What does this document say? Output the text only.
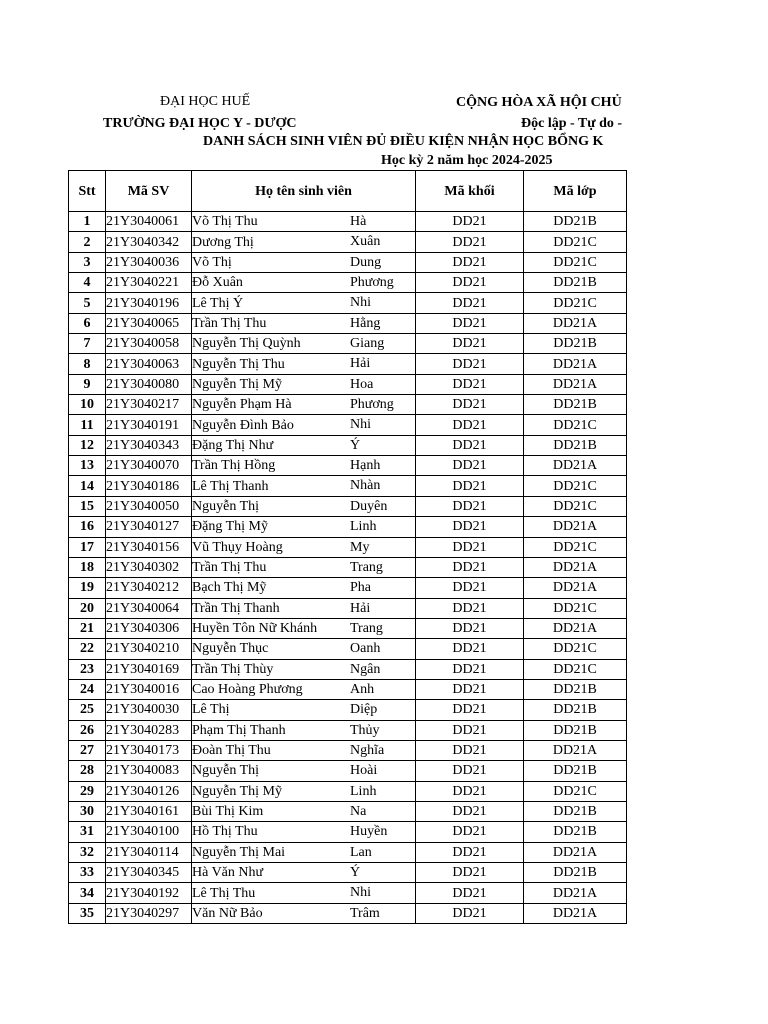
ĐẠI HỌC HUẾ
TRƯỜNG ĐẠI HỌC Y - DƯỢC
CỘNG HÒA XÃ HỘI CHỦ
Độc lập - Tự do -
DANH SÁCH SINH VIÊN ĐỦ ĐIỀU KIỆN NHẬN HỌC BỔNG K
Học kỳ 2 năm học 2024-2025
Stt	Mã SV	Họ tên sinh viên	Mã khối	Mã lớp
1	21Y3040061	Võ Thị Thu Hà	DD21	DD21B
2	21Y3040342	Dương Thị Xuân	DD21	DD21C
3	21Y3040036	Võ Thị Dung	DD21	DD21C
4	21Y3040221	Đỗ Xuân Phương	DD21	DD21B
5	21Y3040196	Lê Thị Ý Nhi	DD21	DD21C
6	21Y3040065	Trần Thị Thu Hằng	DD21	DD21A
7	21Y3040058	Nguyễn Thị Quỳnh Giang	DD21	DD21B
8	21Y3040063	Nguyễn Thị Thu Hải	DD21	DD21A
9	21Y3040080	Nguyễn Thị Mỹ Hoa	DD21	DD21A
10	21Y3040217	Nguyễn Phạm Hà Phương	DD21	DD21B
11	21Y3040191	Nguyễn Đình Bảo Nhi	DD21	DD21C
12	21Y3040343	Đặng Thị Như Ý	DD21	DD21B
13	21Y3040070	Trần Thị Hồng Hạnh	DD21	DD21A
14	21Y3040186	Lê Thị Thanh Nhàn	DD21	DD21C
15	21Y3040050	Nguyễn Thị Duyên	DD21	DD21C
16	21Y3040127	Đặng Thị Mỹ Linh	DD21	DD21A
17	21Y3040156	Vũ Thụy Hoàng My	DD21	DD21C
18	21Y3040302	Trần Thị Thu Trang	DD21	DD21A
19	21Y3040212	Bạch Thị Mỹ Pha	DD21	DD21A
20	21Y3040064	Trần Thị Thanh Hải	DD21	DD21C
21	21Y3040306	Huyền Tôn Nữ Khánh Trang	DD21	DD21A
22	21Y3040210	Nguyễn Thục Oanh	DD21	DD21C
23	21Y3040169	Trần Thị Thùy Ngân	DD21	DD21C
24	21Y3040016	Cao Hoàng Phương Anh	DD21	DD21B
25	21Y3040030	Lê Thị Diệp	DD21	DD21B
26	21Y3040283	Phạm Thị Thanh Thủy	DD21	DD21B
27	21Y3040173	Đoàn Thị Thu Nghĩa	DD21	DD21A
28	21Y3040083	Nguyễn Thị Hoài	DD21	DD21B
29	21Y3040126	Nguyễn Thị Mỹ Linh	DD21	DD21C
30	21Y3040161	Bùi Thị Kim Na	DD21	DD21B
31	21Y3040100	Hồ Thị Thu Huyền	DD21	DD21B
32	21Y3040114	Nguyễn Thị Mai Lan	DD21	DD21A
33	21Y3040345	Hà Văn Như Ý	DD21	DD21B
34	21Y3040192	Lê Thị Thu Nhi	DD21	DD21A
35	21Y3040297	Văn Nữ Bảo Trâm	DD21	DD21A
